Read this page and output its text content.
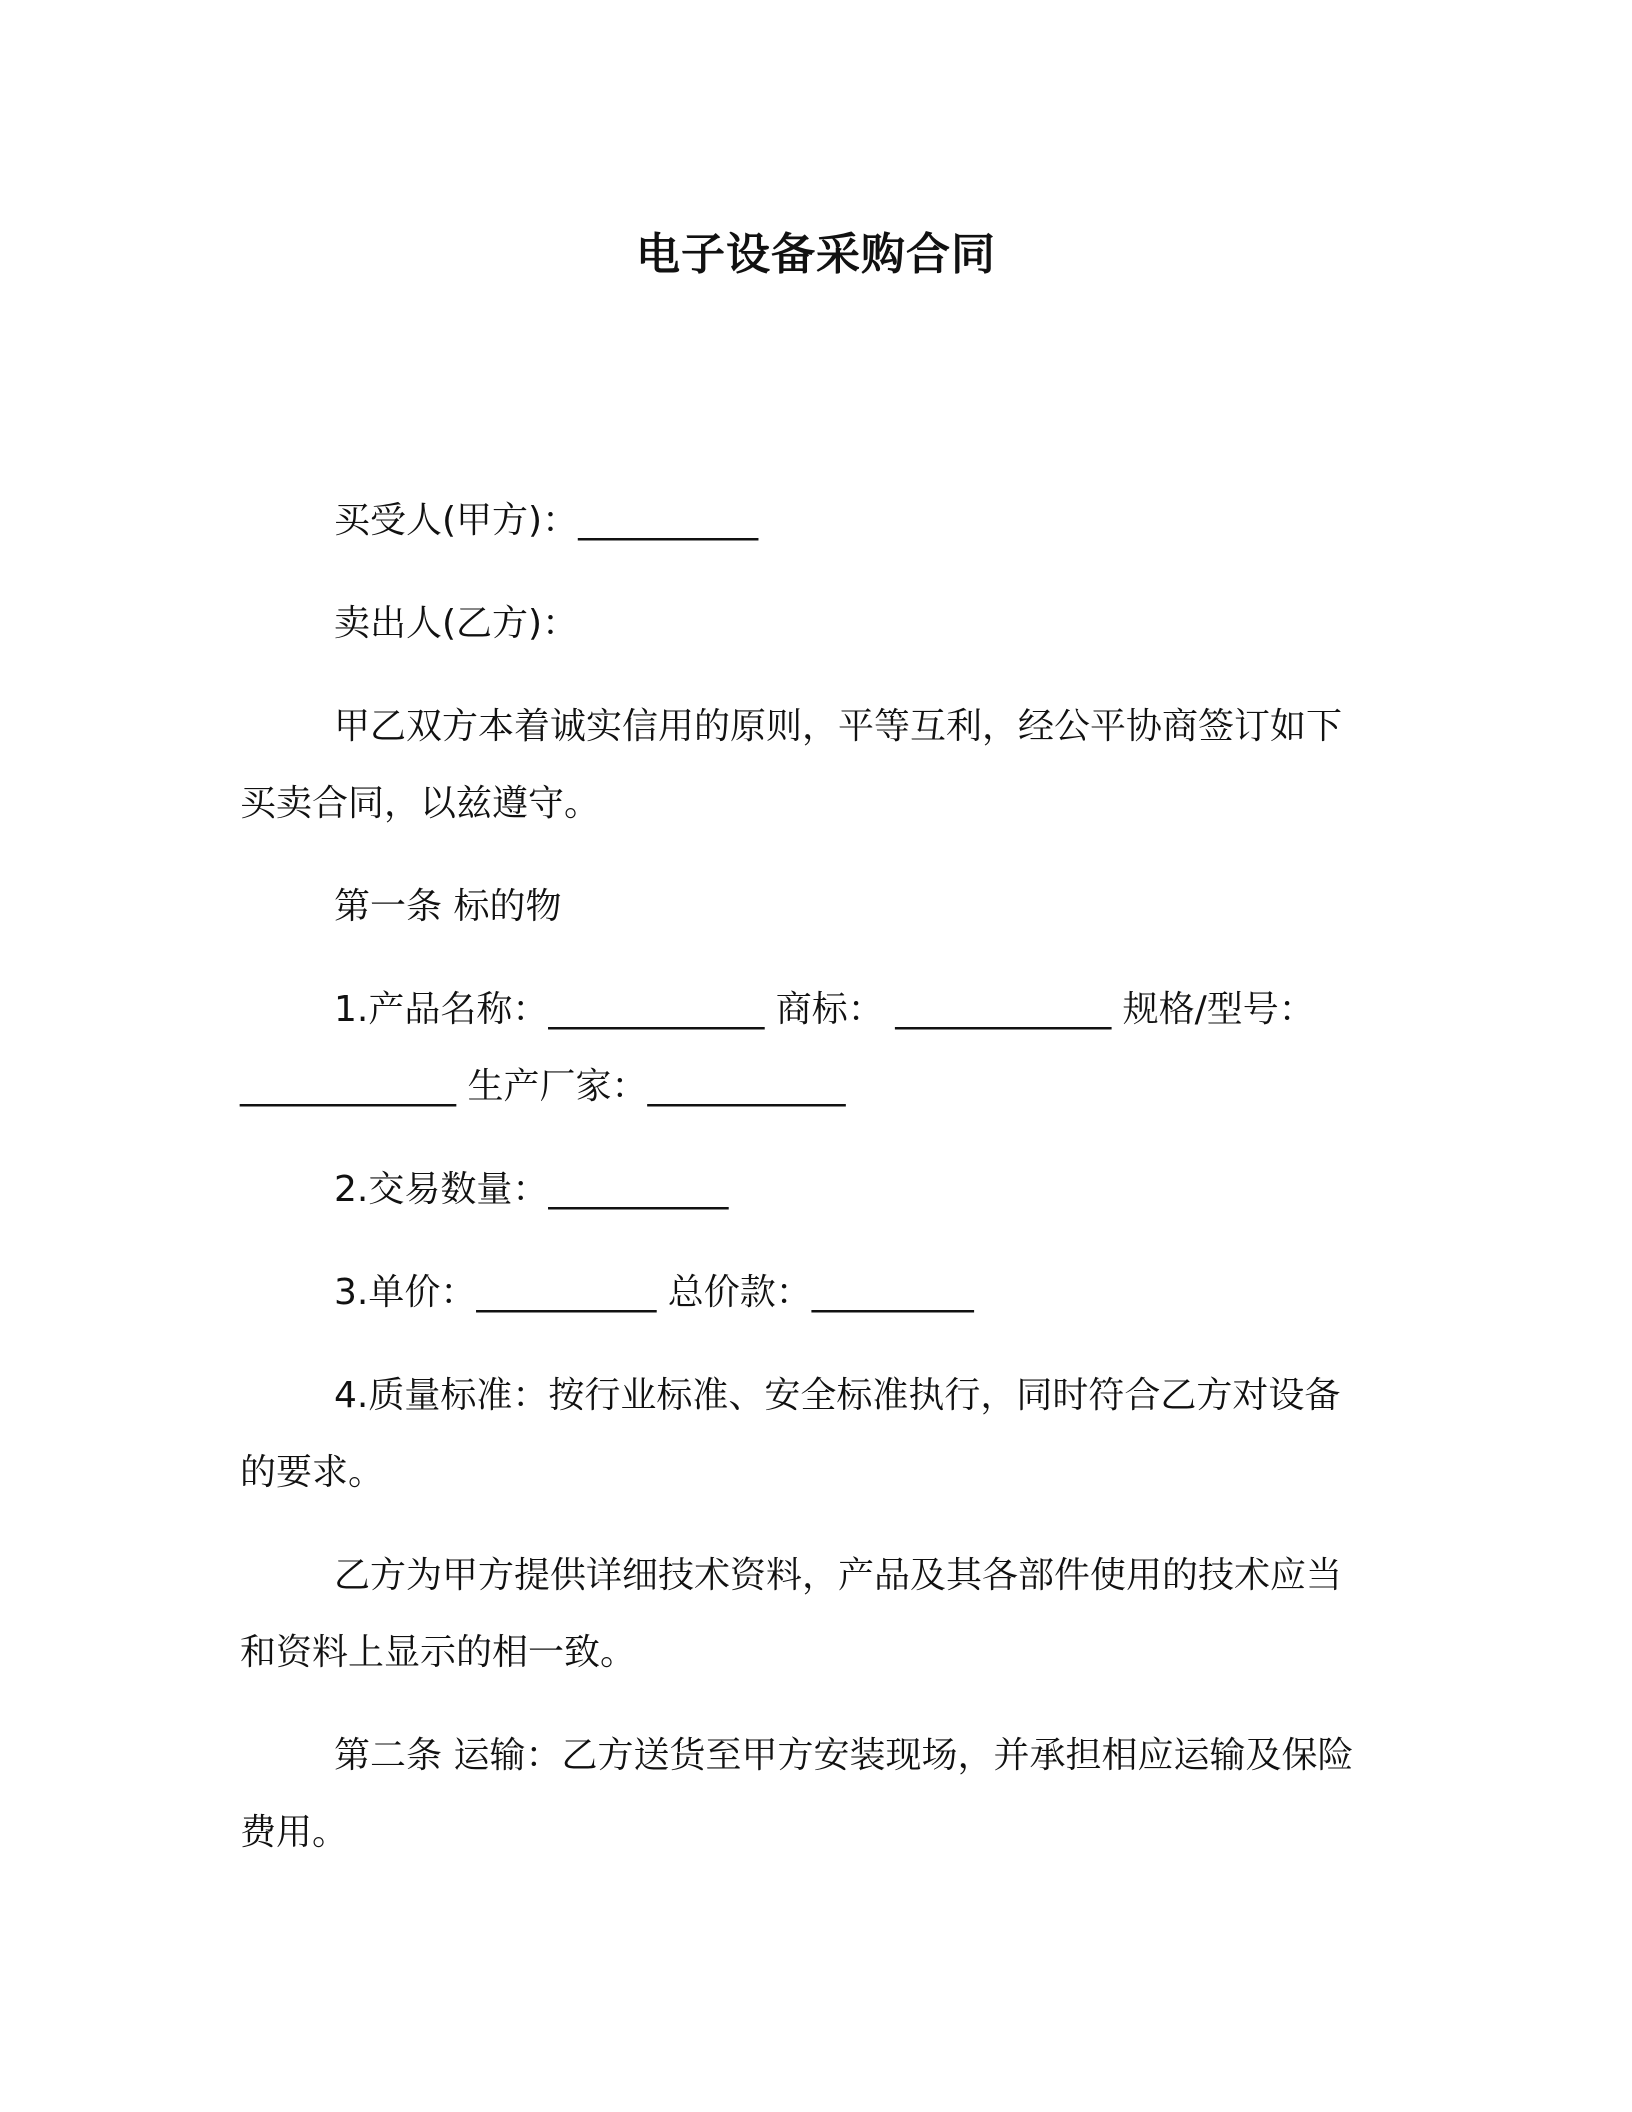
电子设备采购合同

买受人(甲方)：__________

卖出人(乙方)：

甲乙双方本着诚实信用的原则，平等互利，经公平协商签订如下

买卖合同，以兹遵守。

第一条 标的物

1.产品名称：____________ 商标： ____________ 规格/型号：

____________ 生产厂家：___________

2.交易数量：__________

3.单价：__________ 总价款：_________

4.质量标准：按行业标准、安全标准执行，同时符合乙方对设备

的要求。

乙方为甲方提供详细技术资料，产品及其各部件使用的技术应当

和资料上显示的相一致。

第二条 运输：乙方送货至甲方安装现场，并承担相应运输及保险

费用。
